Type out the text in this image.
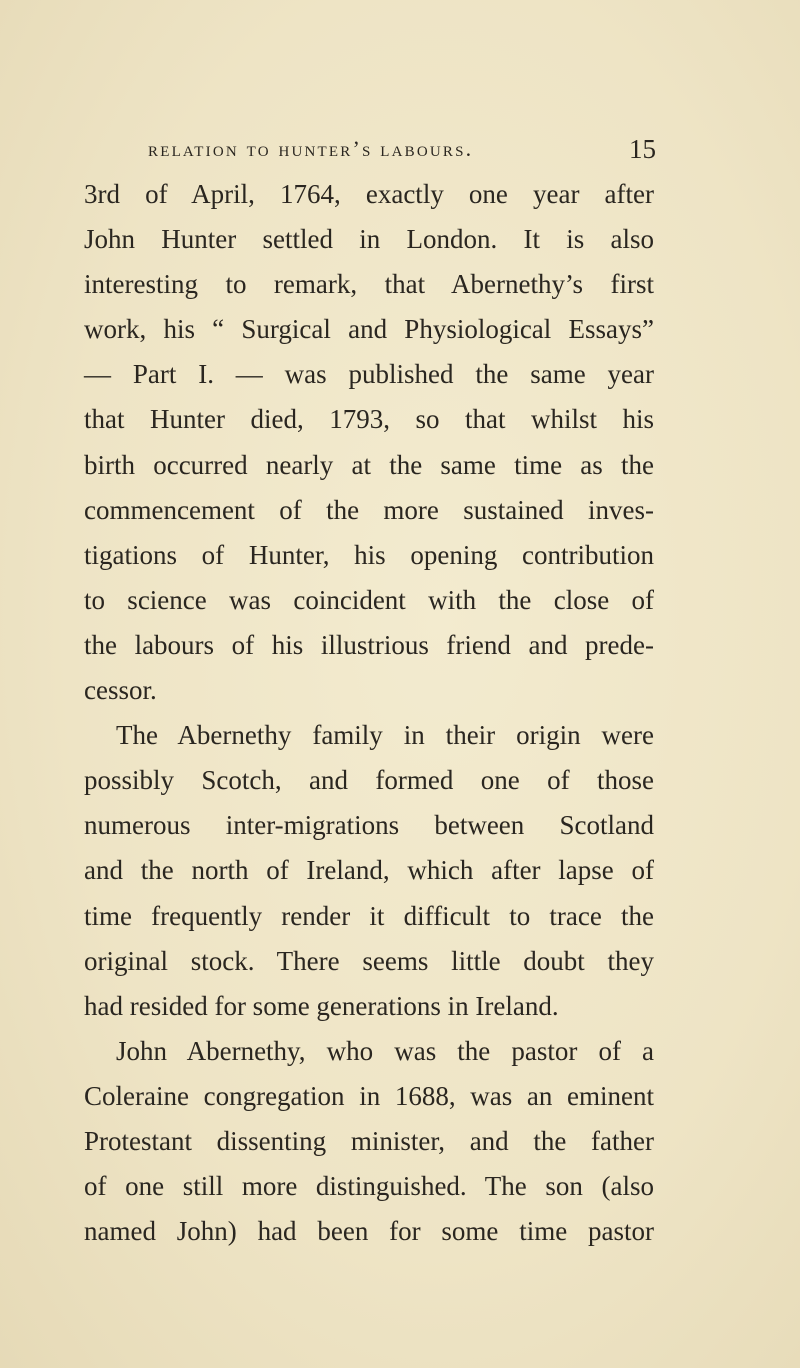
relation to hunter’s labours.	15
3rd of April, 1764, exactly one year after
John Hunter settled in London. It is also
interesting to remark, that Abernethy’s first
work, his “ Surgical and Physiological Essays”
— Part I. — was published the same year
that Hunter died, 1793, so that whilst his
birth occurred nearly at the same time as the
commencement of the more sustained inves-
tigations of Hunter, his opening contribution
to science was coincident with the close of
the labours of his illustrious friend and prede-
cessor.
The Abernethy family in their origin were
possibly Scotch, and formed one of those
numerous inter-migrations between Scotland
and the north of Ireland, which after lapse of
time frequently render it difficult to trace the
original stock. There seems little doubt they
had resided for some generations in Ireland.
John Abernethy, who was the pastor of a
Coleraine congregation in 1688, was an eminent
Protestant dissenting minister, and the father
of one still more distinguished. The son (also
named John) had been for some time pastor
